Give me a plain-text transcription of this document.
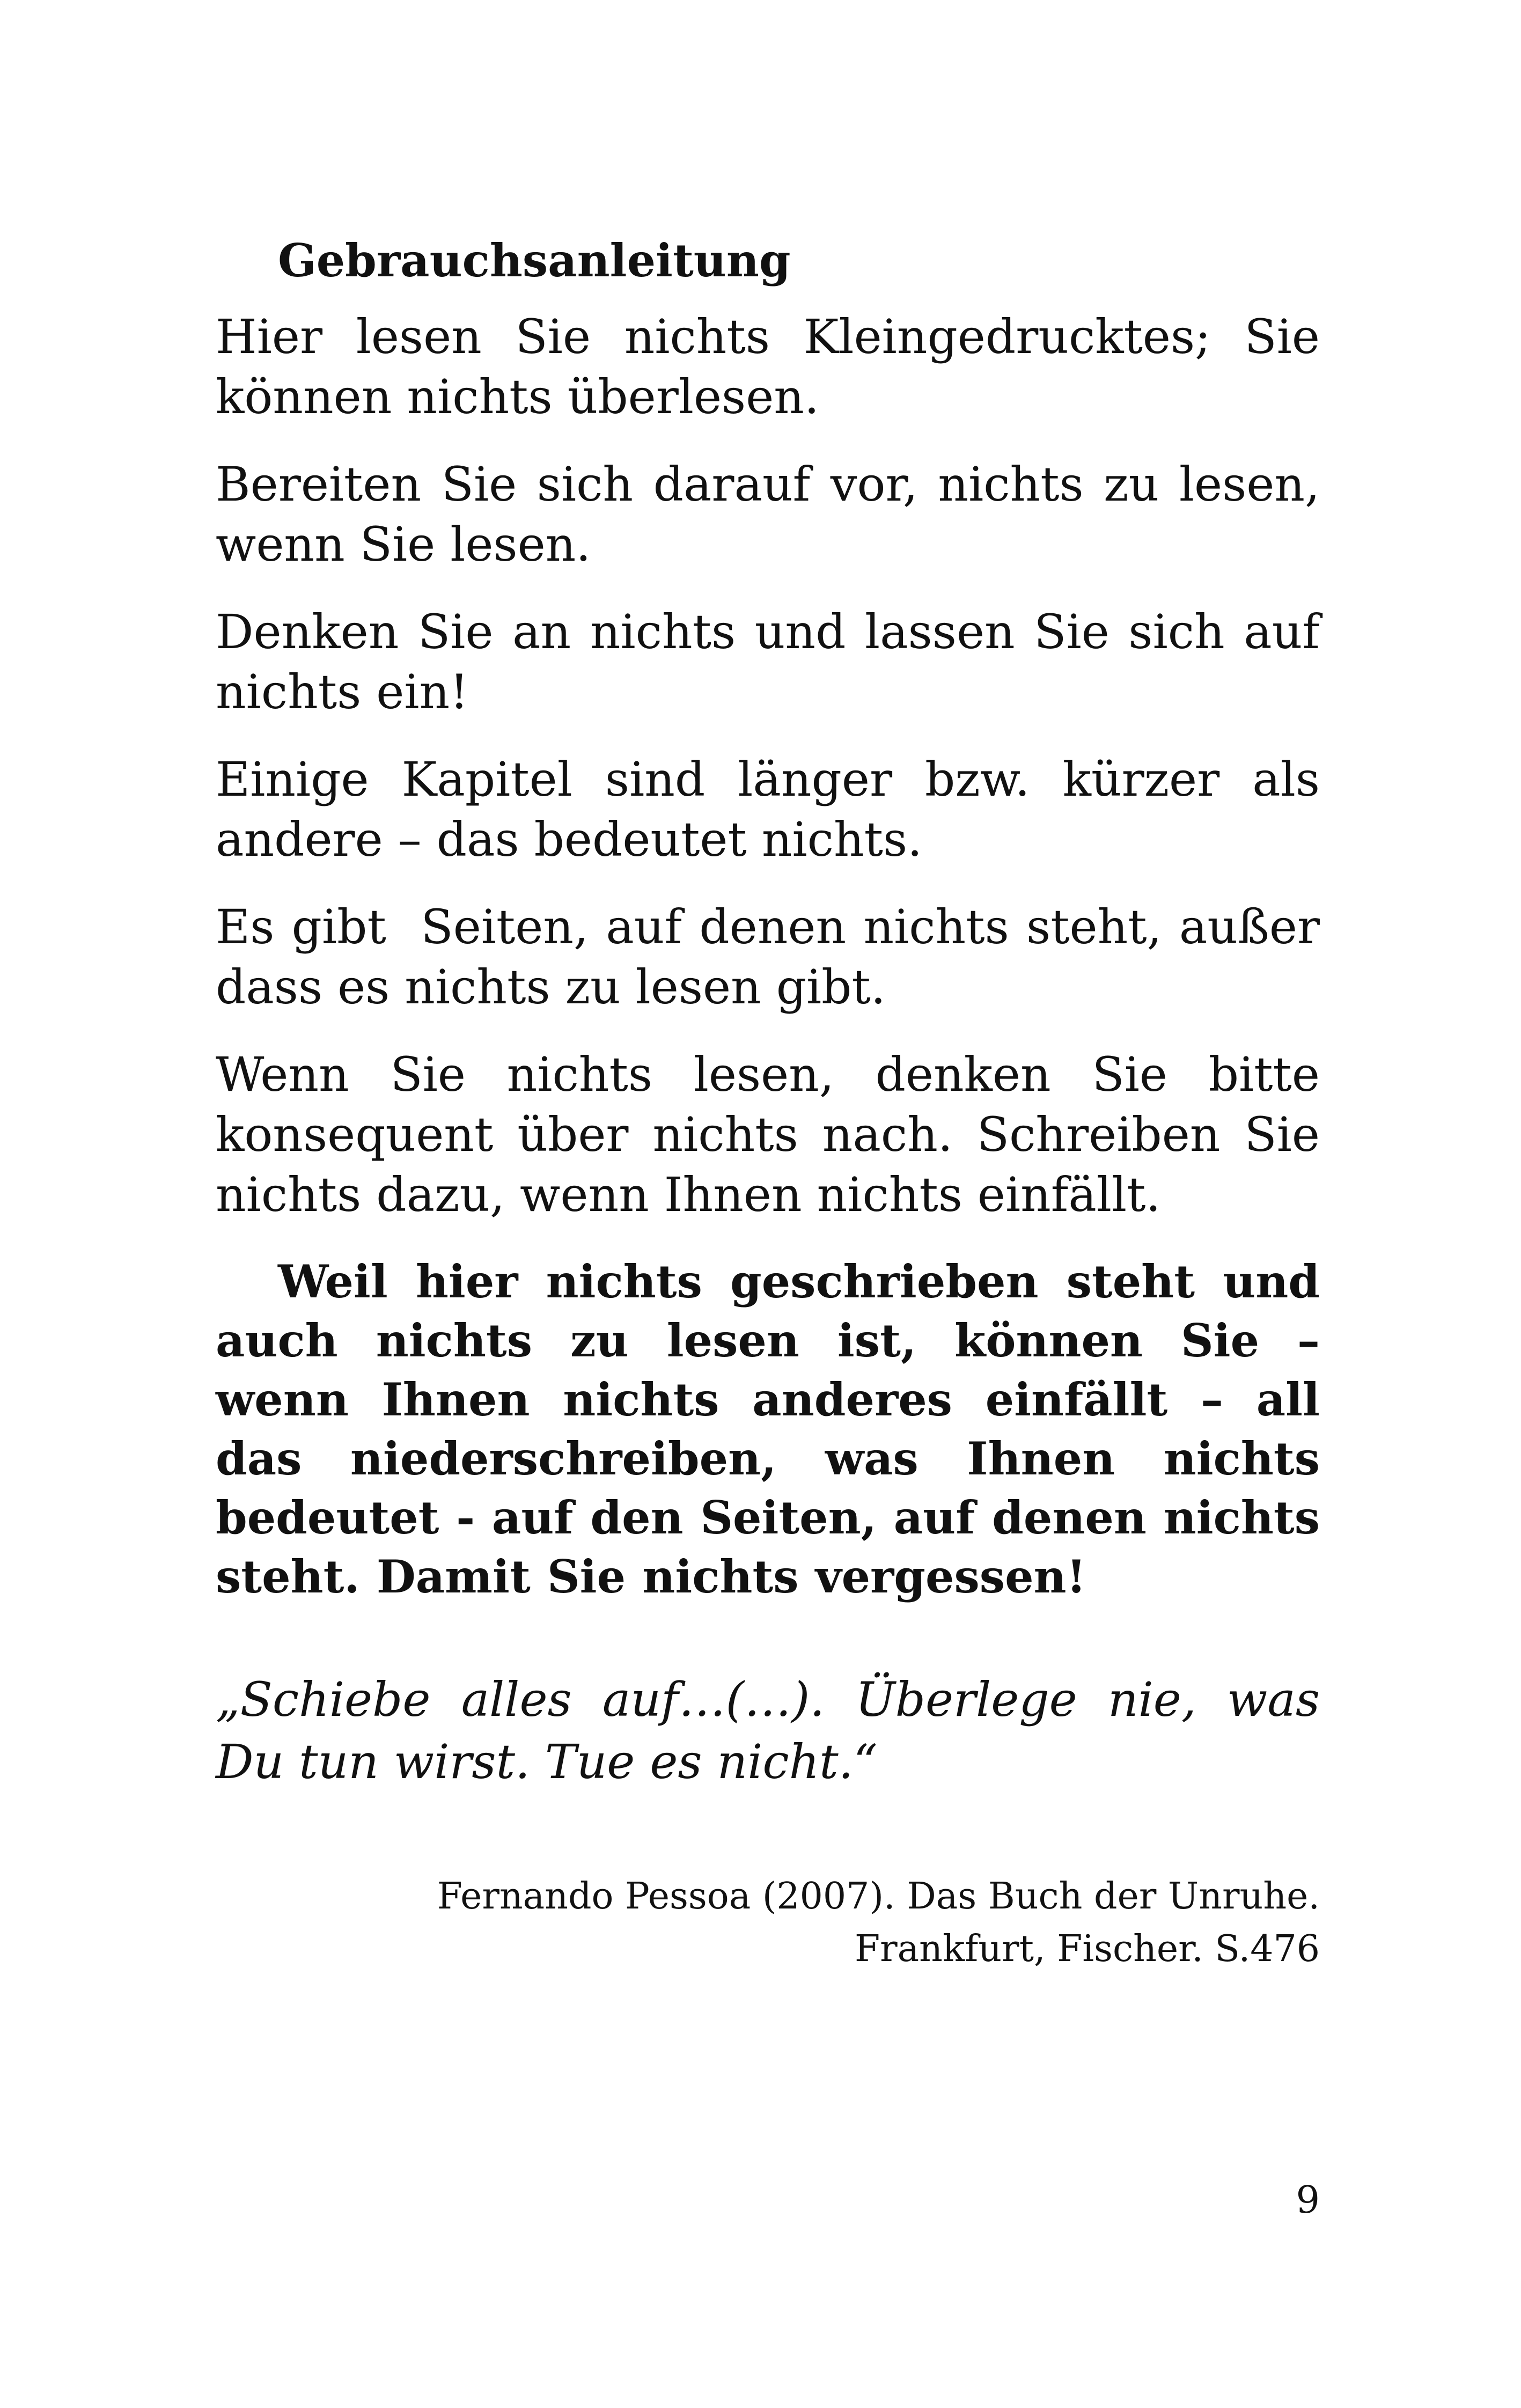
Gebrauchsanleitung

Hier lesen Sie nichts Kleingedrucktes; Sie können nichts überlesen.

Bereiten Sie sich darauf vor, nichts zu lesen, wenn Sie lesen.

Denken Sie an nichts und lassen Sie sich auf nichts ein!

Einige Kapitel sind länger bzw. kürzer als andere – das bedeutet nichts.

Es gibt  Seiten, auf denen nichts steht, außer dass es nichts zu lesen gibt.

Wenn Sie nichts lesen, denken Sie bitte konsequent über nichts nach. Schreiben Sie nichts dazu, wenn Ihnen nichts einfällt.

Weil hier nichts geschrieben steht und auch nichts zu lesen ist, können Sie – wenn Ihnen nichts anderes einfällt – all das niederschreiben, was Ihnen nichts bedeutet - auf den Seiten, auf denen nichts steht. Damit Sie nichts vergessen!

„Schiebe alles auf…(…). Überlege nie, was Du tun wirst. Tue es nicht.“

Fernando Pessoa (2007). Das Buch der Unruhe.
Frankfurt, Fischer. S.476
9
